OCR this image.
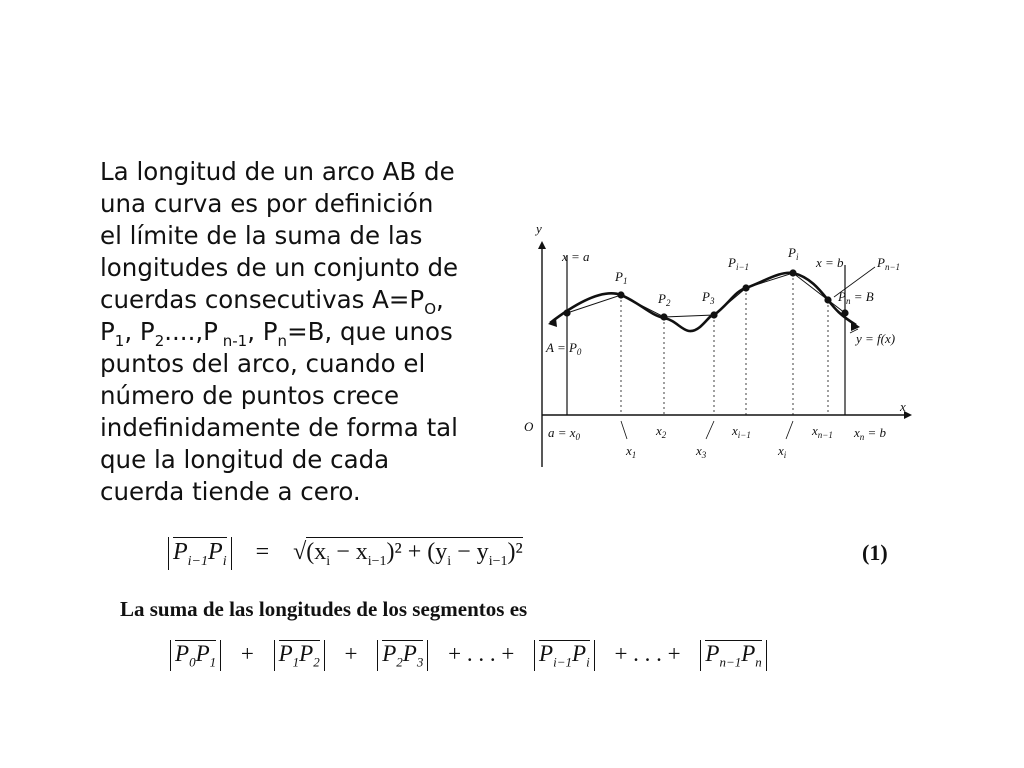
La longitud de un arco AB de
una curva es por definición
el límite de la suma de las
longitudes de un conjunto de
cuerdas consecutivas $A=P_O$,
$P_1$, $P_2....,P$ $_{n-1}$, $P_n=B$, que unos
puntos del arco, cuando el
número de puntos crece
indefinidamente de forma tal
que la longitud de cada
cuerda tiende a cero.
y
x
O
x = a	x = b
y = f(x)
$A = P_0$
$P_n = B$
$P_{n-1}$
$P_1$
$P_2$ $P_3$
$P_{i-1}$
$P_i$
$a = x_0$
$x_1$
$x_2$
$x_3$
$x_{i-1}$
$x_i$
$x_{n-1}$ $x_n = b$
$P_{i-1}P_i = √(x_i - x_{i-1})^2 + (y_i - y_{i-1})^2$	(1)
La suma de las longitudes de los segmentos es
$P_0P_1 + P_1P_2 + P_2P_3$ + . . . + $P_{i-1}P_i$ + . . . + $P_{n-1}P_n$
